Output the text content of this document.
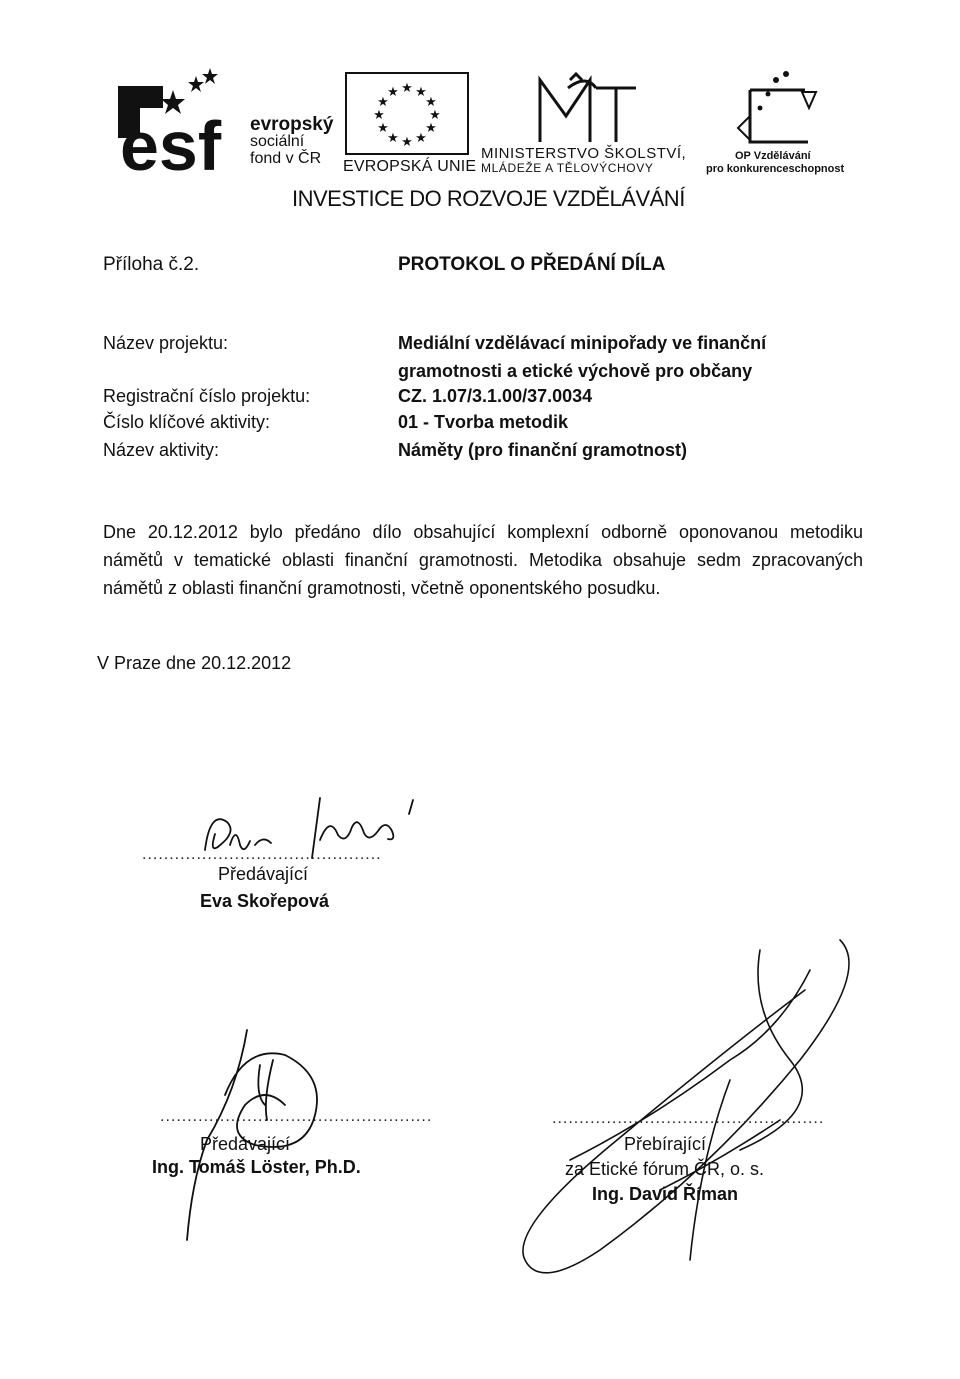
esf evropský
sociální
fond v ČR
★ ★
★
★
★
★
★
★
★
★
★
★
EVROPSKÁ UNIE
MINISTERSTVO ŠKOLSTVÍ,
MLÁDEŽE A TĚLOVÝCHOVY
OP Vzdělávání
pro konkurenceschopnost
INVESTICE DO ROZVOJE VZDĚLÁVÁNÍ
Příloha č.2.	PROTOKOL O PŘEDÁNÍ DÍLA
Název projektu:	Mediální vzdělávací minipořady ve finanční
gramotnosti a etické výchově pro občany
Registrační číslo projektu:	CZ. 1.07/3.1.00/37.0034
Číslo klíčové aktivity:	01 - Tvorba metodik
Název aktivity:	Náměty (pro finanční gramotnost)
Dne 20.12.2012 bylo předáno dílo obsahující komplexní odborně oponovanou metodiku námětů v tematické oblasti finanční gramotnosti. Metodika obsahuje sedm zpracovaných námětů z oblasti finanční gramotnosti, včetně oponentského posudku.
V Praze dne 20.12.2012
............................................
Předávající
Eva Skořepová
..................................................
Předávající
Ing. Tomáš Löster, Ph.D.
..................................................
Přebírající
za Etické fórum ČR, o. s.
Ing. David Říman
